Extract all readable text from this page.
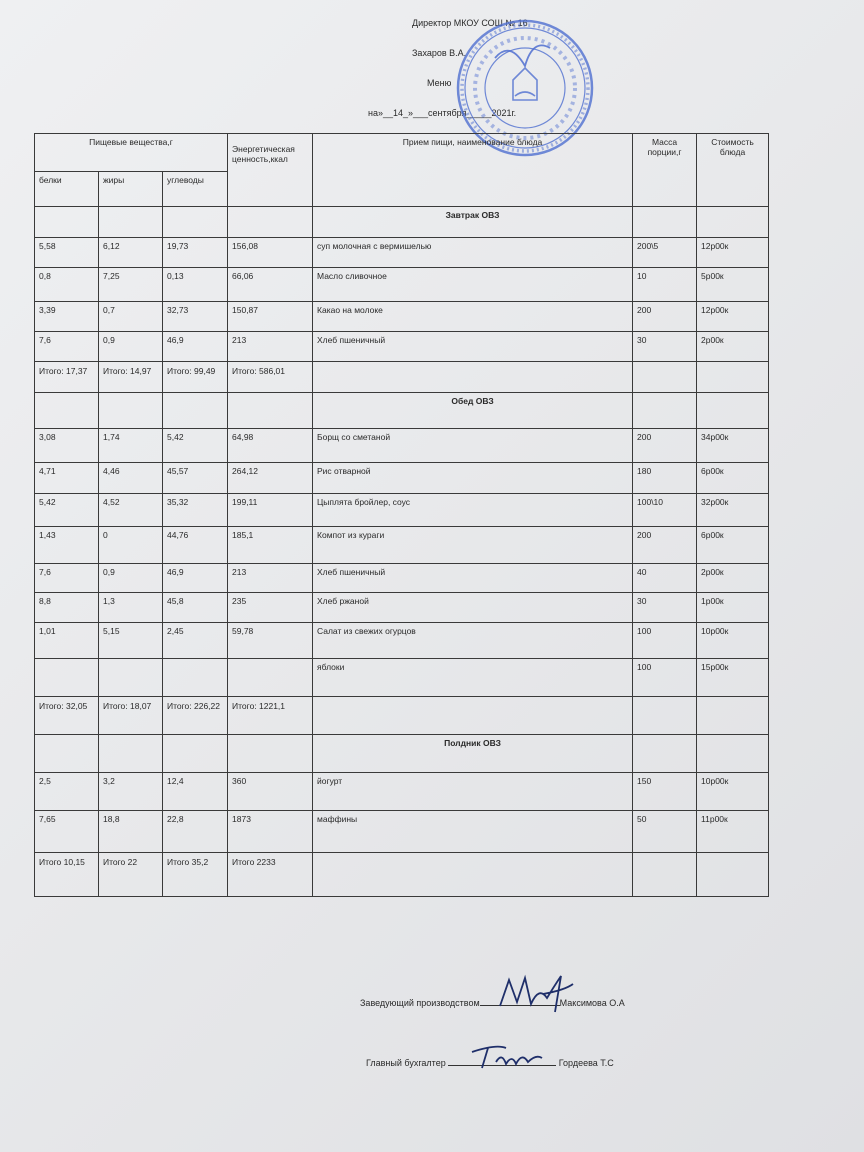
Директор МКОУ СОШ № 16
Захаров В.А.
Меню
на»__14_»___сентября_____2021г.
Пищевые вещества,г			Энергетическая ценность,ккал	Прием пищи, наименование блюда	Масса порции,г	Стоимость блюда
белки	жиры	углеводы				
				Завтрак ОВЗ		
5,58	6,12	19,73	156,08	суп молочная с вермишелью	200\5	12р00к
0,8	7,25	0,13	66,06	Масло сливочное	10	5р00к
3,39	0,7	32,73	150,87	Какао на молоке	200	12р00к
7,6	0,9	46,9	213	Хлеб пшеничный	30	2р00к
Итого: 17,37	Итого: 14,97	Итого: 99,49	Итого: 586,01			
				Обед ОВЗ		
3,08	1,74	5,42	64,98	Борщ со сметаной	200	34р00к
4,71	4,46	45,57	264,12	Рис отварной	180	6р00к
5,42	4,52	35,32	199,11	Цыплята бройлер, соус	100\10	32р00к
1,43	0	44,76	185,1	Компот из кураги	200	6р00к
7,6	0,9	46,9	213	Хлеб пшеничный	40	2р00к
8,8	1,3	45,8	235	Хлеб ржаной	30	1р00к
1,01	5,15	2,45	59,78	Салат из свежих огурцов	100	10р00к
				яблоки	100	15р00к
Итого: 32,05	Итого: 18,07	Итого: 226,22	Итого: 1221,1			
				Полдник ОВЗ		
2,5	3,2	12,4	360	йогурт	150	10р00к
7,65	18,8	22,8	1873	маффины	50	11р00к
Итого 10,15	Итого 22	Итого 35,2	Итого 2233			
Заведующий производством	Максимова О.А
Главный бухгалтер	Гордеева Т.С
